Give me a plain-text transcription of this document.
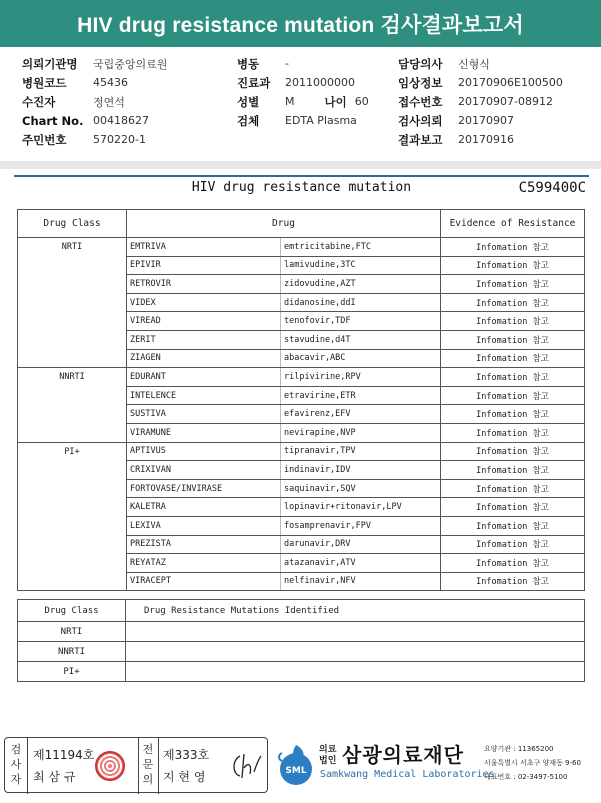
HIV drug resistance mutation 검사결과보고서
의뢰기관명	국립중앙의료원
병원코드	45436
수진자	정연석
Chart No. 00418627
주민번호	570220-1
병동	-
진료과	2011000000
성별	M	나이 60
검체	EDTA Plasma
담당의사	신형식
임상정보	20170906E100500
접수번호	20170907-08912
검사의뢰	20170907
결과보고	20170916
HIV drug resistance mutation	C599400C
Drug Class	Drug		Evidence of Resistance
NRTI	EMTRIVA	emtricitabine,FTC	Infomation 참고
	EPIVIR	lamivudine,3TC	Infomation 참고
	RETROVIR	zidovudine,AZT	Infomation 참고
	VIDEX	didanosine,ddI	Infomation 참고
	VIREAD	tenofovir,TDF	Infomation 참고
	ZERIT	stavudine,d4T	Infomation 참고
	ZIAGEN	abacavir,ABC	Infomation 참고
NNRTI	EDURANT	rilpivirine,RPV	Infomation 참고
	INTELENCE	etravirine,ETR	Infomation 참고
	SUSTIVA	efavirenz,EFV	Infomation 참고
	VIRAMUNE	nevirapine,NVP	Infomation 참고
PI+	APTIVUS	tipranavir,TPV	Infomation 참고
	CRIXIVAN	indinavir,IDV	Infomation 참고
	FORTOVASE/INVIRASE	saquinavir,SQV	Infomation 참고
	KALETRA	lopinavir+ritonavir,LPV	Infomation 참고
	LEXIVA	fosamprenavir,FPV	Infomation 참고
	PREZISTA	darunavir,DRV	Infomation 참고
	REYATAZ	atazanavir,ATV	Infomation 참고
	VIRACEPT	nelfinavir,NFV	Infomation 참고
Drug Class	Drug Resistance Mutations Identified
NRTI	
NNRTI	
PI+	
검사자
제11194호
최 삼 규
전문의
제333호
지 현 영	SML
의료법인 삼광의료재단
Samkwang Medical Laboratories
요양기관 : 11365200
서울특별시 서초구 양재동 9-60
대표번호 : 02-3497-5100
